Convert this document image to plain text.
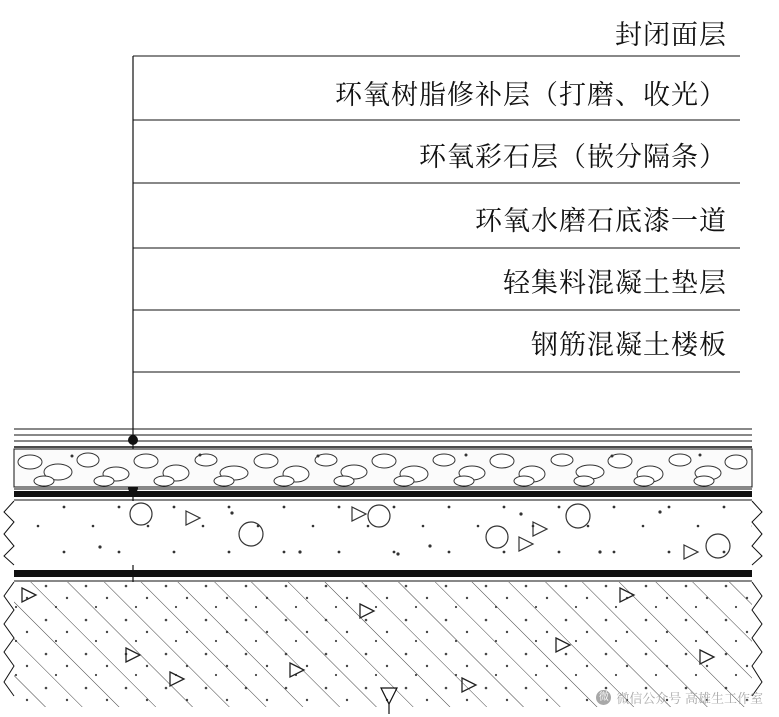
封闭面层
环氧树脂修补层（打磨、收光）
环氧彩石层（嵌分隔条）
环氧水磨石底漆一道
轻集料混凝土垫层
钢筋混凝土楼板
微 微信公众号 高雄生工作室
